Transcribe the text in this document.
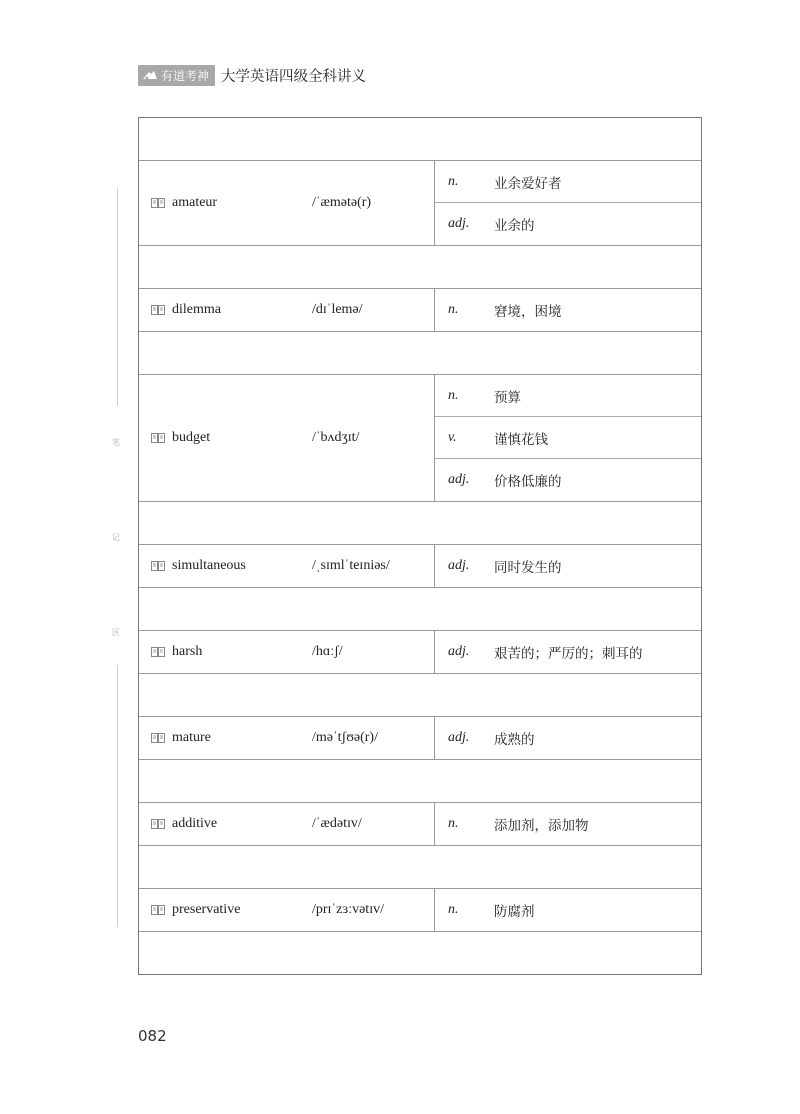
有道考神 大学英语四级全科讲义
笔
记
区
amateur	/ˈæmətə(r)
n.	业余爱好者
adj.	业余的
dilemma	/dɪˈlemə/	n.	窘境，困境
budget	/ˈbʌdʒɪt/
n.	预算
v.	谨慎花钱
adj.	价格低廉的
simultaneous	/ˌsɪmlˈteɪniəs/	adj.	同时发生的
harsh	/hɑːʃ/	adj.	艰苦的；严厉的；刺耳的
mature	/məˈtʃʊə(r)/	adj.	成熟的
additive	/ˈædətɪv/	n.	添加剂，添加物
preservative	/prɪˈzɜːvətɪv/	n.	防腐剂
082
